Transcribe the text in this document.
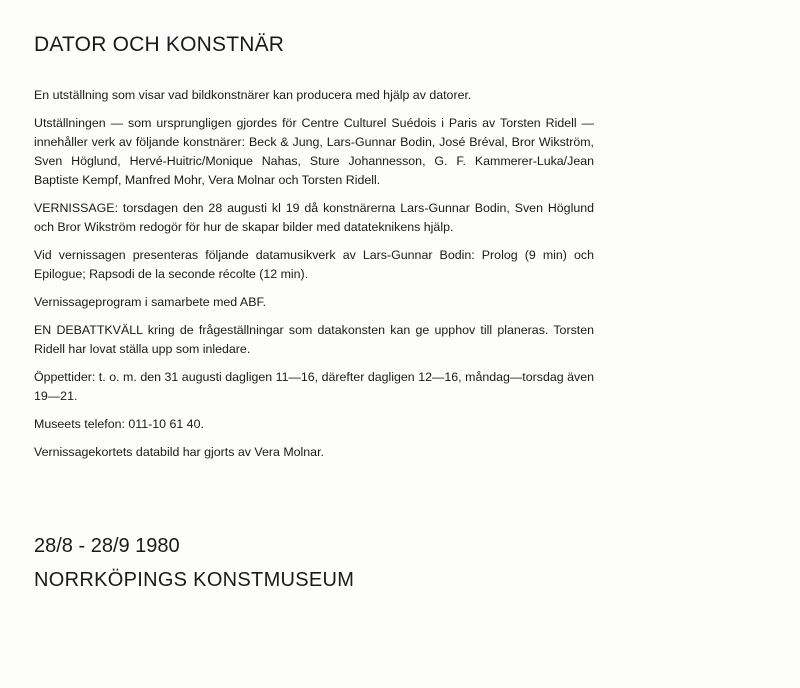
DATOR OCH KONSTNÄR

En utställning som visar vad bildkonstnärer kan producera med hjälp av datorer.

Utställningen — som ursprungligen gjordes för Centre Culturel Suédois i Paris av Torsten Ridell — innehåller verk av följande konstnärer: Beck & Jung, Lars-Gunnar Bodin, José Bréval, Bror Wikström, Sven Höglund, Hervé-Huitric/Monique Nahas, Sture Johannesson, G. F. Kammerer-Luka/Jean Baptiste Kempf, Manfred Mohr, Vera Molnar och Torsten Ridell.

VERNISSAGE: torsdagen den 28 augusti kl 19 då konstnärerna Lars-Gunnar Bodin, Sven Höglund och Bror Wikström redogör för hur de skapar bilder med datateknikens hjälp.

Vid vernissagen presenteras följande datamusikverk av Lars-Gunnar Bodin: Prolog (9 min) och Epilogue; Rapsodi de la seconde récolte (12 min).

Vernissageprogram i samarbete med ABF.

EN DEBATTKVÄLL kring de frågeställningar som datakonsten kan ge upphov till planeras. Torsten Ridell har lovat ställa upp som inledare.

Öppettider: t. o. m. den 31 augusti dagligen 11—16, därefter dagligen 12—16, måndag—torsdag även 19—21.

Museets telefon: 011-10 61 40.

Vernissagekortets databild har gjorts av Vera Molnar.

28/8 - 28/9 1980

NORRKÖPINGS KONSTMUSEUM
